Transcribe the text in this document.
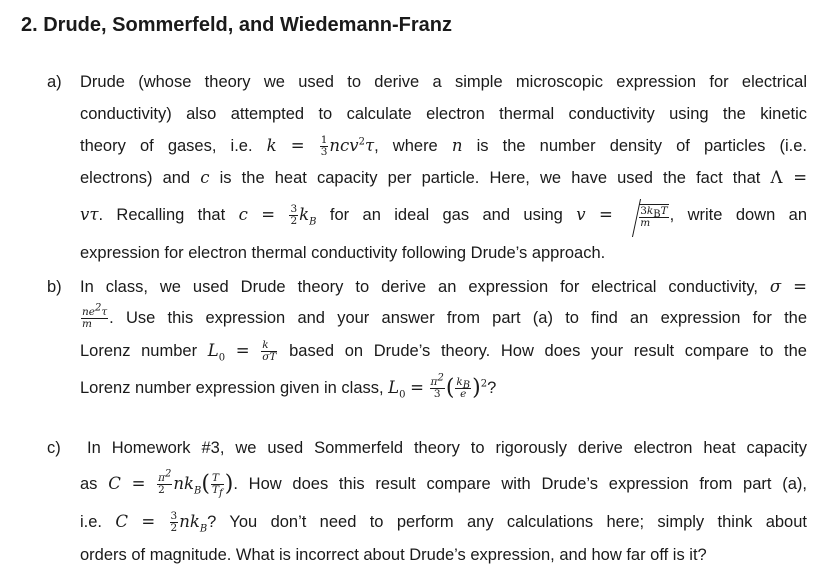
2. Drude, Sommerfeld, and Wiedemann-Franz
a) Drude (whose theory we used to derive a simple microscopic expression for electrical
conductivity) also attempted to calculate electron thermal conductivity using the kinetic
theory of gases, i.e. $k = \frac{1}{3} ncv^2\tau$, where n is the number density of particles (i.e.
electrons) and c is the heat capacity per particle. Here, we have used the fact that Λ =
vτ. Recalling that $c = \frac{3}{2} k_B$ for an ideal gas and using v =	$\frac{3k_BT}{m}$ , write down an
expression for electron thermal conductivity following Drude’s approach.
b) In class, we used Drude theory to derive an expression for electrical conductivity, σ =
$\frac{ne^2\tau}{m}$ . Use this expression and your answer from part (a) to find an expression for the
Lorenz number $L_0 = \frac{k}{\sigma T}$ based on Drude’s theory. How does your result compare to the
Lorenz number expression given in class, $L_0 = \frac{\pi^2}{3}$ ( $\frac{k_B}{e} )^2$?
c) In Homework #3, we used Sommerfeld theory to rigorously derive electron heat capacity
as $C = \frac{\pi^2}{2} nk_B( \frac{T}{T_f}$ ). How does this result compare with Drude’s expression from part (a),
i.e. $C = \frac{3}{2} nk_B$? You don’t need to perform any calculations here; simply think about
orders of magnitude. What is incorrect about Drude’s expression, and how far off is it?
